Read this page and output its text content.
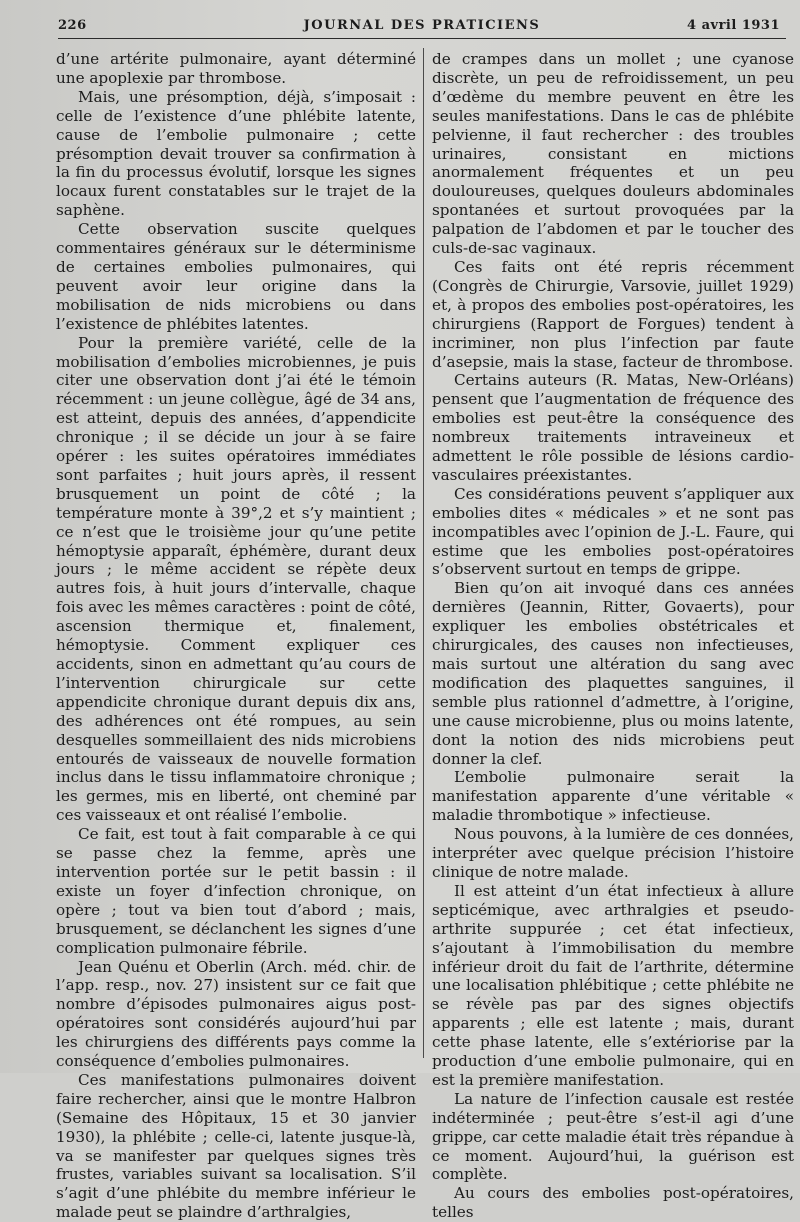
226	JOURNAL DES PRATICIENS	4 avril 1931

d’une artérite pulmonaire, ayant déterminé une apoplexie par thrombose.

Mais, une présomption, déjà, s’imposait : celle de l’existence d’une phlébite latente, cause de l’embolie pulmonaire ; cette présomption devait trouver sa confirmation à la fin du processus évolutif, lorsque les signes locaux furent constatables sur le trajet de la saphène.

Cette observation suscite quelques commentaires généraux sur le déterminisme de certaines embolies pulmonaires, qui peuvent avoir leur origine dans la mobilisation de nids microbiens ou dans l’existence de phlébites latentes.

Pour la première variété, celle de la mobilisation d’embolies microbiennes, je puis citer une observation dont j’ai été le témoin récemment : un jeune collègue, âgé de 34 ans, est atteint, depuis des années, d’appendicite chronique ; il se décide un jour à se faire opérer : les suites opératoires immédiates sont parfaites ; huit jours après, il ressent brusquement un point de côté ; la température monte à 39°,2 et s’y maintient ; ce n’est que le troisième jour qu’une petite hémoptysie apparaît, éphémère, durant deux jours ; le même accident se répète deux autres fois, à huit jours d’intervalle, chaque fois avec les mêmes caractères : point de côté, ascension thermique et, finalement, hémoptysie. Comment expliquer ces accidents, sinon en admettant qu’au cours de l’intervention chirurgicale sur cette appendicite chronique durant depuis dix ans, des adhérences ont été rompues, au sein desquelles sommeillaient des nids microbiens entourés de vaisseaux de nouvelle formation inclus dans le tissu inflammatoire chronique ; les germes, mis en liberté, ont cheminé par ces vaisseaux et ont réalisé l’embolie.

Ce fait, est tout à fait comparable à ce qui se passe chez la femme, après une intervention portée sur le petit bassin : il existe un foyer d’infection chronique, on opère ; tout va bien tout d’abord ; mais, brusquement, se déclanchent les signes d’une complication pulmonaire fébrile.

Jean Quénu et Oberlin (Arch. méd. chir. de l’app. resp., nov. 27) insistent sur ce fait que nombre d’épisodes pulmonaires aigus post-opératoires sont considérés aujourd’hui par les chirurgiens des différents pays comme la conséquence d’embolies pulmonaires.

Ces manifestations pulmonaires doivent faire rechercher, ainsi que le montre Halbron (Semaine des Hôpitaux, 15 et 30 janvier 1930), la phlébite ; celle-ci, latente jusque-là, va se manifester par quelques signes très frustes, variables suivant sa localisation. S’il s’agit d’une phlébite du membre inférieur le malade peut se plaindre d’arthralgies,

de crampes dans un mollet ; une cyanose discrète, un peu de refroidissement, un peu d’œdème du membre peuvent en être les seules manifestations. Dans le cas de phlébite pelvienne, il faut rechercher : des troubles urinaires, consistant en mictions anormalement fréquentes et un peu douloureuses, quelques douleurs abdominales spontanées et surtout provoquées par la palpation de l’abdomen et par le toucher des culs-de-sac vaginaux.

Ces faits ont été repris récemment (Congrès de Chirurgie, Varsovie, juillet 1929) et, à propos des embolies post-opératoires, les chirurgiens (Rapport de Forgues) tendent à incriminer, non plus l’infection par faute d’asepsie, mais la stase, facteur de thrombose.

Certains auteurs (R. Matas, New-Orléans) pensent que l’augmentation de fréquence des embolies est peut-être la conséquence des nombreux traitements intraveineux et admettent le rôle possible de lésions cardio-vasculaires préexistantes.

Ces considérations peuvent s’appliquer aux embolies dites « médicales » et ne sont pas incompatibles avec l’opinion de J.-L. Faure, qui estime que les embolies post-opératoires s’observent surtout en temps de grippe.

Bien qu’on ait invoqué dans ces années dernières (Jeannin, Ritter, Govaerts), pour expliquer les embolies obstétricales et chirurgicales, des causes non infectieuses, mais surtout une altération du sang avec modification des plaquettes sanguines, il semble plus rationnel d’admettre, à l’origine, une cause microbienne, plus ou moins latente, dont la notion des nids microbiens peut donner la clef.

L’embolie pulmonaire serait la manifestation apparente d’une véritable « maladie thrombotique » infectieuse.

Nous pouvons, à la lumière de ces données, interpréter avec quelque précision l’histoire clinique de notre malade.

Il est atteint d’un état infectieux à allure septicémique, avec arthralgies et pseudo-arthrite suppurée ; cet état infectieux, s’ajoutant à l’immobilisation du membre inférieur droit du fait de l’arthrite, détermine une localisation phlébitique ; cette phlébite ne se révèle pas par des signes objectifs apparents ; elle est latente ; mais, durant cette phase latente, elle s’extériorise par la production d’une embolie pulmonaire, qui en est la première manifestation.

La nature de l’infection causale est restée indéterminée ; peut-être s’est-il agi d’une grippe, car cette maladie était très répandue à ce moment. Aujourd’hui, la guérison est complète.

Au cours des embolies post-opératoires, telles
